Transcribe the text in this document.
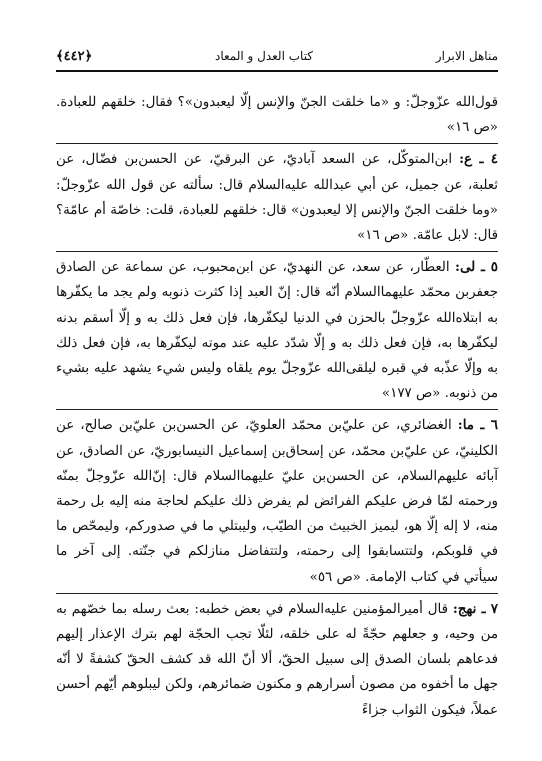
مناهل الابرار
كتاب العدل و المعاد
﴿٤٤٢﴾

قول‌الله عزّوجلّ: و «ما خلقت الجنّ والإنس إلّا ليعبدون»؟ فقال: خلقهم للعبادة. «ص ١٦»

٤ ـ ع: ابن‌المتوكّل، عن السعد آباديّ، عن البرقيّ، عن الحسن‌بن فضّال، عن ثعلبة، عن جميل، عن أبي عبدالله عليه‌السلام قال: سألته عن قول الله عزّوجلّ: «وما خلقت الجنّ والإنس إلا ليعبدون» قال: خلقهم للعبادة، قلت: خاصّة أم عامّة؟ قال: لابل عامّة. «ص ١٦»

٥ ـ لى: العطّار، عن سعد، عن النهديّ، عن ابن‌محبوب، عن سماعة عن الصادق جعفربن محمّد عليهماالسلام أنّه قال: إنّ العبد إذا كثرت ذنوبه ولم يجد ما يكفّرها به ابتلاه‌الله عزّوجلّ بالحزن في الدنيا ليكفّرها، فإن فعل ذلك به و إلّا أسقم بدنه ليكفّرها به، فإن فعل ذلك به و إلّا شدّد عليه عند موته ليكفّرها به، فإن فعل ذلك به وإلّا عذّبه في قبره ليلقى‌الله عزّوجلّ يوم يلقاه وليس شيء يشهد عليه بشيء من ذنوبه. «ص ١٧٧»

٦ ـ ما: الغضائري، عن عليّ‌بن محمّد العلويّ، عن الحسن‌بن عليّ‌بن صالح، عن الكلينيّ، عن عليّ‌بن محمّد، عن إسحاق‌بن إسماعيل النيسابوريّ، عن الصادق، عن آبائه عليهم‌السلام، عن الحسن‌بن عليّ عليهماالسلام قال: إنّ‌الله عزّوجلّ بمنّه ورحمته لمّا فرض عليكم الفرائض لم يفرض ذلك عليكم لحاجة منه إليه بل رحمة منه، لا إله إلّا هو، ليميز الخبيث من الطيّب، وليبتلي ما في صدوركم، وليمحّص ما في قلوبكم، ولتتسابقوا إلى رحمته، ولتتفاضل منازلكم في جنّته. إلى آخر ما سيأتي في كتاب الإمامة. «ص ٥٦»

٧ ـ نهج: قال أميرالمؤمنين عليه‌السلام في بعض خطبه: بعث رسله بما خصّهم به من وحيه، و جعلهم حجّةً له على خلقه، لئلّا تجب الحجّة لهم بترك الإعذار إليهم فدعاهم بلسان الصدق إلى سبيل الحقّ، ألا أنّ الله قد كشف الحقّ كشفةً لا أنّه جهل ما أخفوه من مصون أسرارهم و مكنون ضمائرهم، ولكن ليبلوهم أيّهم أحسن عملاً، فيكون الثواب جزاءً
